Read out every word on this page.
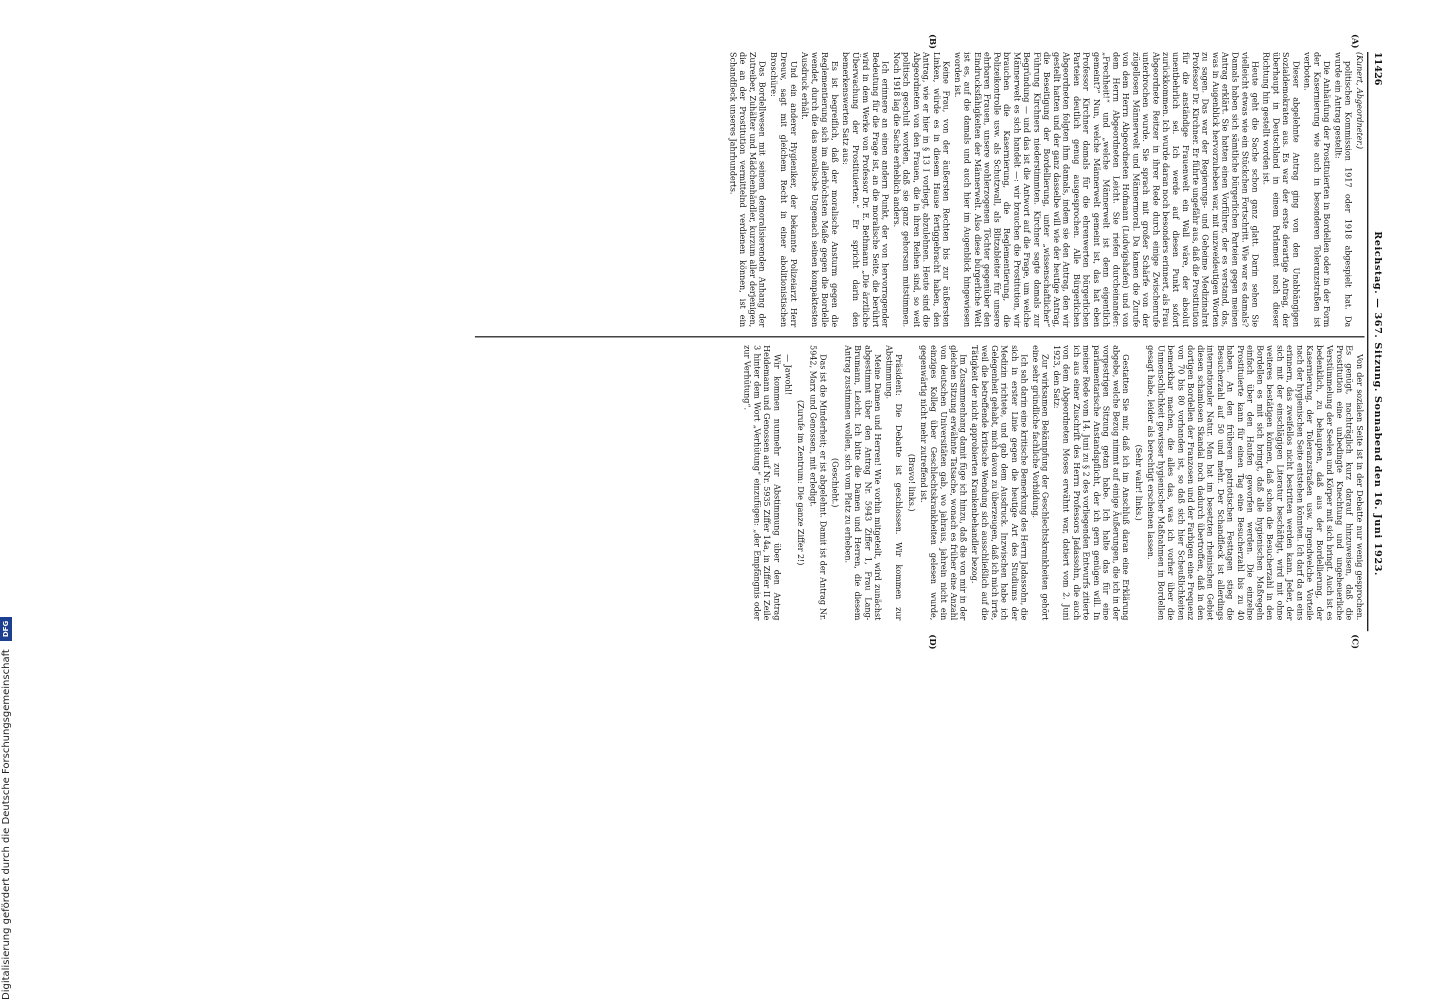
11426
Reichstag. — 367. Sitzung. Sonnabend den 16. Juni 1923.
(A)
(B)
(C)
(D)

(Kunert, Abgeordneter.)

politischen Kommission 1917 oder 1918 abgespielt hat. Da wurde ein Antrag gestellt:

Die Anhäufung der Prostituierten in Bordellen oder in der Form der Kasernierung wie auch in besonderen Toleranzstraßen ist verboten.

Dieser abgelehnte Antrag ging von den Unabhängigen Sozialdemokraten aus. Es war der erste derartige Antrag, der überhaupt in Deutschland in einem Parlament nach dieser Richtung hin gestellt worden ist.

Heute geht die Sache schon ganz glatt. Darin sehen Sie vielleicht etwas wie ein Stückchen Fortschritt. Wie war es damals? Damals haben sich sämtliche bürgerlichen Parteien gegen meinen Antrag erklärt. Sie hatten einen Vorführer, der es verstand, das, was in Augenblick hervorzuheben war, mit unzweideutigen Worten zu sagen. Das war der Regierungs- und Geheime Medizinalrat Professor Dr. Kirchner. Er führte ungefähr aus, daß die Prostitution für die anständige Frauenwelt ein Wall wäre, der absolut unentbehrlich sei. Ich werde auf diesen Punkt sofort zurückkommen. Ich wurde daran noch besonders erinnert, als Frau Abgeordnete Reitzer in ihrer Rede durch einige Zwischenrufe unterbrochen wurde. Sie sprach mit großer Schärfe von der zügellosen Männerwelt und Männermoral. Da kamen die Zurufe von dem Herrn Abgeordneten Hofmann (Ludwigshafen) und von dem Herrn Abgeordneten Leicht. Sie riefen durcheinander: „Frechheit!“ und „welche Männerwelt ist denn eigentlich gemeint?“ Nun, welche Männerwelt gemeint ist, das hat eben Professor Kirchner damals für die ehrenwerten bürgerlichen Parteien deutlich genug ausgesprochen. Alle Bürgerlichen Abgeordneten folgten ihm damals, indem sie den Antrag, den wir gestellt hatten und der ganz dasselbe will wie der heutige Antrag, die Beseitigung der Bordellierung, unter „wissenschaftlicher“ Führung Kirchners niederstimmten. Kirchner sagte damals zur Begründung — und das ist die Antwort auf die Frage, um welche Männerwelt es sich handelt —: wir brauchen die Prostitution, wir brauchen die Kasernierung, die Reglementierung, die Polizeikontrolle usw. als Schutzwall, als Blitzableiter für unsere ehrbaren Frauen, unsere wohlerzogenen Töchter gegenüber den Eindrucksfähigkeiten der Männerwelt. Also diese bürgerliche Welt ist es, auf die damals und auch hier im Augenblick hingewiesen worden ist.

Keine Frau, von der äußersten Rechten bis zur äußersten Linken, würde es in diesem Hause fertiggebracht haben, den Antrag, wie er hier in § 13 I vorliegt, abzulehnen. Heute sind die Abgeordneten von den Frauen, die in ihren Reihen sind, so weit politisch geschult worden, daß sie ganz gehorsam mitstimmen. Noch 1918 lag die Sache erheblich anders.

Ich erinnere an einen andern Punkt, der von hervorragender Bedeutung für die Frage ist, an die moralische Seite, die berührt wird in dem Werke von Professor Dr. E. Bethmann „Die ärztliche Überwachung der Prostituierten.“ Er spricht darin den bemerkenswerten Satz aus:

Es ist begreiflich, daß der moralische Ansturm gegen die Reglementierung sich im allerhöchsten Maße gegen die Bordelle wendet, durch die das moralische Ungemach seinen kompaktesten Ausdruck erhält.

Und ein anderer Hygieniker, der bekannte Polizeiarzt Herr Dreuw, sagt mit gleichem Recht in einer abolitionistischen Broschüre:

Das Bordellwesen mit seinem demoralisierenden Anhang der Zutreiber, Zuhälter und Mädchenhändler, kurzum aller derjenigen, die an der Prostitution vermittelnd verdienen können, ist ein Schandfleck unseres Jahrhunderts.

Von der sozialen Seite ist in der Debatte nur wenig gesprochen. Es genügt, nachträglich kurz darauf hinzuweisen, daß die Prostitution eine unbedingte Knechtung und ungeheuerliche Verstümmelung der Seelen und Körper mit sich bringt. Auch ist es bedenklich, zu behaupten, daß aus der Bordellierung, der Kasernierung, der Toleranzstraßen usw. irgendwelche Vorteile nach der hygienischen Seite entstehen könnten. Ich darf da an eins erinnern, das zweifellos nicht bestritten werden kann. Jeder, der sich mit der einschlägigen Literatur beschäftigt, wird mit ohne weiteres bestätigen können, daß schon die Besucherzahl in den Bordellen es mit sich bringt, daß alle hygienischen Maßregeln einfach über den Haufen geworfen werden. Die einzelne Prostituierte kann für einen Tag eine Besucherzahl bis zu 40 haben. An den früheren patriotischen Festtagen stieg die Besucherzahl auf 50 und mehr. Der Schandfleck ist allerdings internationaler Natur. Man hat im besetzten rheinischen Gebiet diesen schamlosen Skandal noch dadurch übertroffen, daß in den dortigen Bordellen der Franzosen und der Farbigen eine Frequenz von 70 bis 80 vorhanden ist, so daß sich hier Scheußlichkeiten bemerkbar machen, die alles das, was ich vorher über die Unmenschlichkeit gewisser hygienischer Maßnahmen in Bordellen gesagt habe, leider als berechtigt erscheinen lassen.

(Sehr wahr! links.)

Gestatten Sie mir, daß ich im Anschluß daran eine Erklärung abgebe, welche Bezug nimmt auf einige Äußerungen, die ich in der vorgestrigen Sitzung getan habe. Ich halte das für eine parlamentarische Anstandspflicht, der ich gern genügen will. In meiner Rede vom 14. Juni zu § 2 des vorliegenden Entwurfs zitierte ich aus einer Zuschrift des Herrn Professors Jadassohn, die auch von dem Abgeordneten Moses erwähnt war, datiert vom 2. Juni 1923, den Satz:

Zur wirksamen Bekämpfung der Geschlechtskrankheiten gehört eine sehr gründliche fachliche Vorbildung.

Ich sah darin eine kritische Bemerkung des Herrn Jadassohn, die sich in erster Linie gegen die heutige Art des Studiums der Medizin richtete, und gab dem Ausdruck. Inzwischen habe ich Gelegenheit gehabt, mich davon zu überzeugen, daß ich mich irrte, weil die betreffende kritische Wendung sich ausschließlich auf die Tätigkeit der nicht approbierten Krankenbehandler bezog.

Im Zusammenhang damit füge ich hinzu, daß die von mir in der gleichen Sitzung erwähnte Tatsache, wonach es früher eine Anzahl von deutschen Universitäten gab, wo jahraus, jahrein nicht ein einziges Kolleg über Geschlechtskrankheiten gelesen wurde, gegenwärtig nicht mehr zutreffend ist.

(Bravo! links.)

Präsident: Die Debatte ist geschlossen. Wir kommen zur Abstimmung.

Meine Damen und Herren! Wie vorhin mitgeteilt, wird zunächst abgestimmt über den Antrag Nr. 5943 Ziffer 1, Frau Lang-Brumann, Leicht. Ich bitte die Damen und Herren, die diesem Antrag zustimmen wollen, sich vom Platz zu erheben.

(Geschieht.)

Das ist die Minderheit; er ist abgelehnt. Damit ist der Antrag Nr. 5942, Marx und Genossen, mit erledigt.

(Zurufe im Zentrum: Die ganze Ziffer 2!)

— Jawohl!

Wir kommen nunmehr zur Abstimmung über den Antrag Heidemann und Genossen auf Nr. 5935 Ziffer 14a, in Ziffer II Zeile 3 hinter dem Wort „Verhütung“ einzufügen: „der Empfängnis oder zur Verhütung“.

Digitalisierung gefördert durch die Deutsche Forschungsgemeinschaft DFG
